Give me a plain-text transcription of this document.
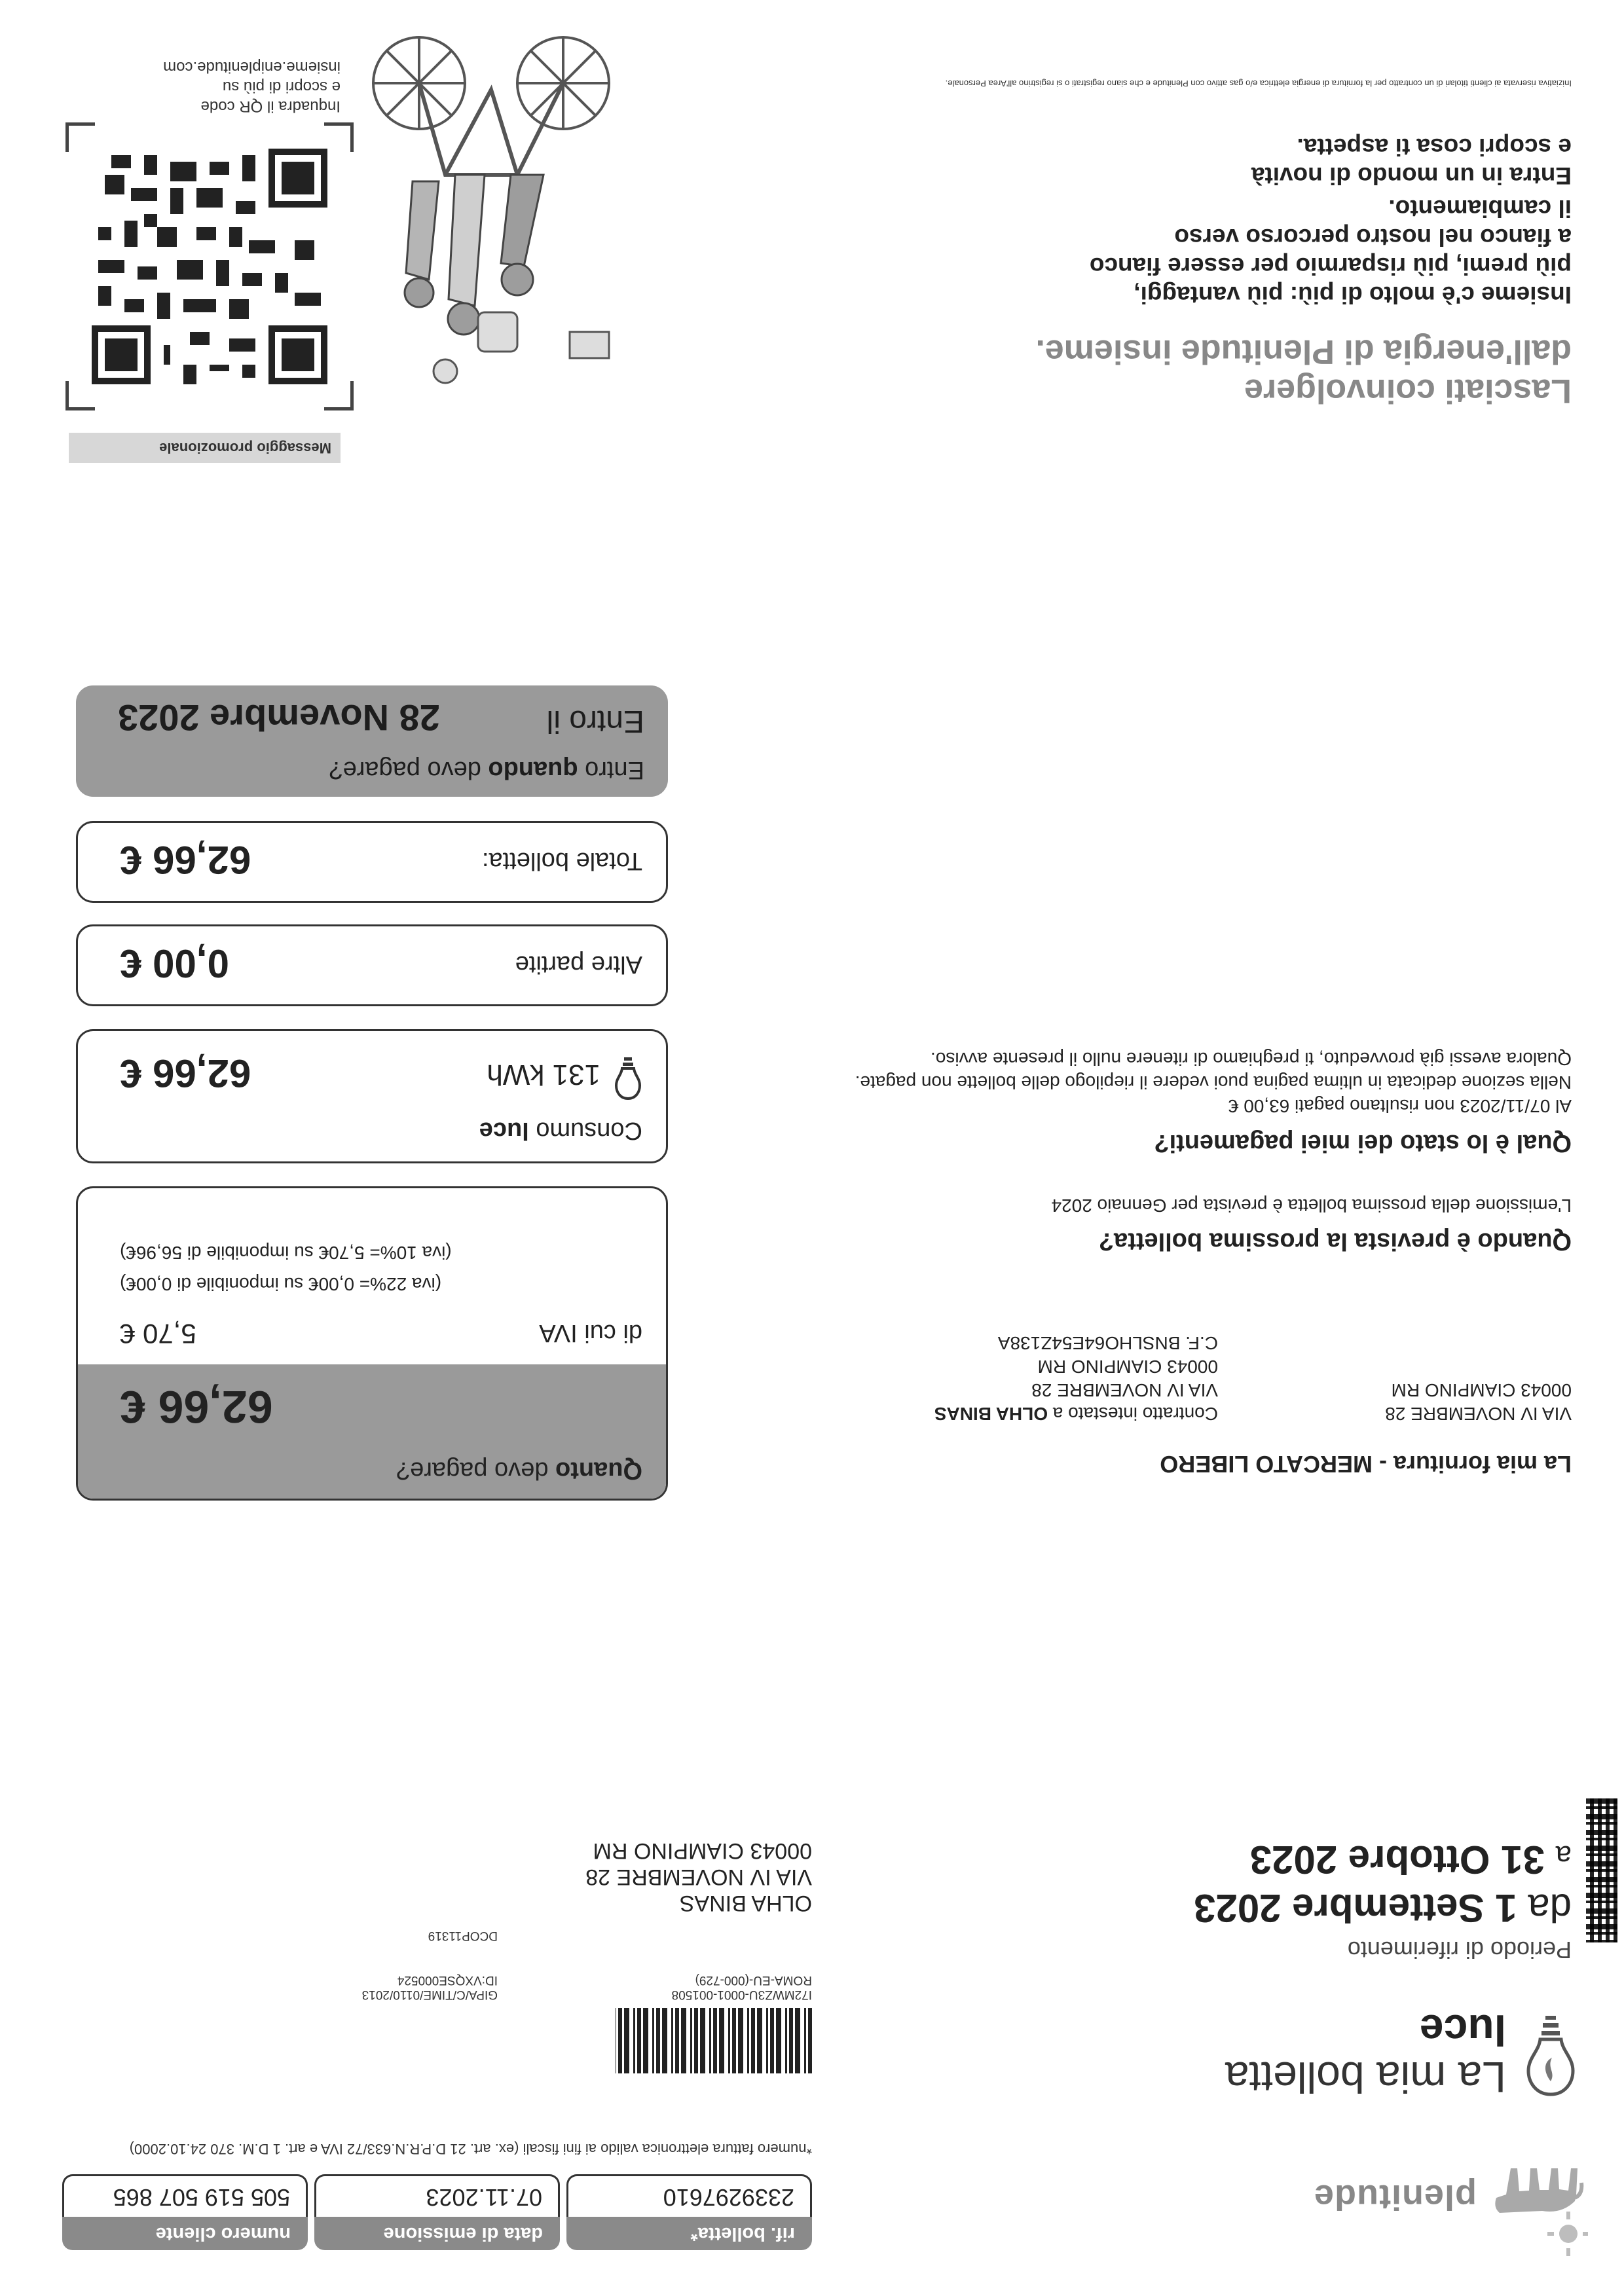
plenitude
rif. bolletta*
2339297610
data di emissione
07.11.2023
numero cliente
505 519 507 865
*numero fattura elettronica valido ai fini fiscali (ex. art. 21 D.P.R.N.633/72 IVA e art. 1 D.M. 370 24.10.2000)
La mia bolletta
luce
Periodo di riferimento
da 1 Settembre 2023
a 31 Ottobre 2023
I72MWZ3U-0001-001508
ROMA-EU-(000-729)
GIPA/C/TIME/0110/2013
ID:VXQSE000524
DCOP11319
OLHA BINAS
VIA IV NOVEMBRE 28
00043 CIAMPINO RM
La mia fornitura - MERCATO LIBERO
VIA IV NOVEMBRE 28
00043 CIAMPINO RM
Contratto intestato a OLHA BINAS
VIA IV NOVEMBRE 28
00043 CIAMPINO RM
C.F. BNSLHO64E54Z138A
Quando è prevista la prossima bolletta?
L'emissione della prossima bolletta è prevista per Gennaio 2024
Qual è lo stato dei miei pagamenti?
Al 07/11/2023 non risultano pagati 63,00 €
Nella sezione dedicata in ultima pagina puoi vedere il riepilogo delle bollette non pagate.
Qualora avessi già provveduto, ti preghiamo di ritenere nullo il presente avviso.
Quanto devo pagare?
62,66 €
di cui IVA
5,70 €
(iva 22%= 0,00€ su imponibile di 0,00€)
(iva 10%= 5,70€ su imponibile di 56,96€)
Consumo luce
131 kWh
62,66 €
Altre partite
0,00 €
Totale bolletta:
62,66 €
Entro quando devo pagare?
Entro il
28 Novembre 2023
Messaggio promozionale
Inquadra il QR code
e scopri di più su
insieme.eniplenitude.com
Lasciati coinvolgere
dall'energia di Plenitude insieme.
Insieme c'è molto di più: più vantaggi,
più premi, più risparmio per essere fianco
a fianco nel nostro percorso verso
il cambiamento.
Entra in un mondo di novità
e scopri cosa ti aspetta.
Iniziativa riservata ai clienti titolari di un contratto per la fornitura di energia elettrica e/o gas attivo con Plenitude e che siano registrati o si registrino all'Area Personale.
